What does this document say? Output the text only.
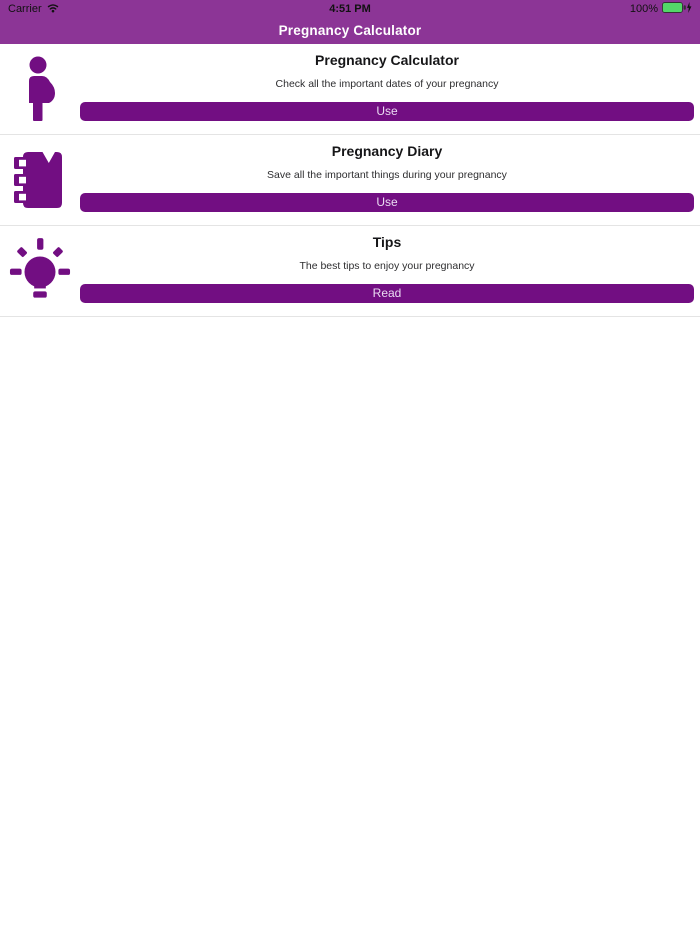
Carrier	4:51 PM	100%
Pregnancy Calculator
Pregnancy Calculator
Check all the important dates of your pregnancy
Use
Pregnancy Diary
Save all the important things during your pregnancy
Use
Tips
The best tips to enjoy your pregnancy
Read
